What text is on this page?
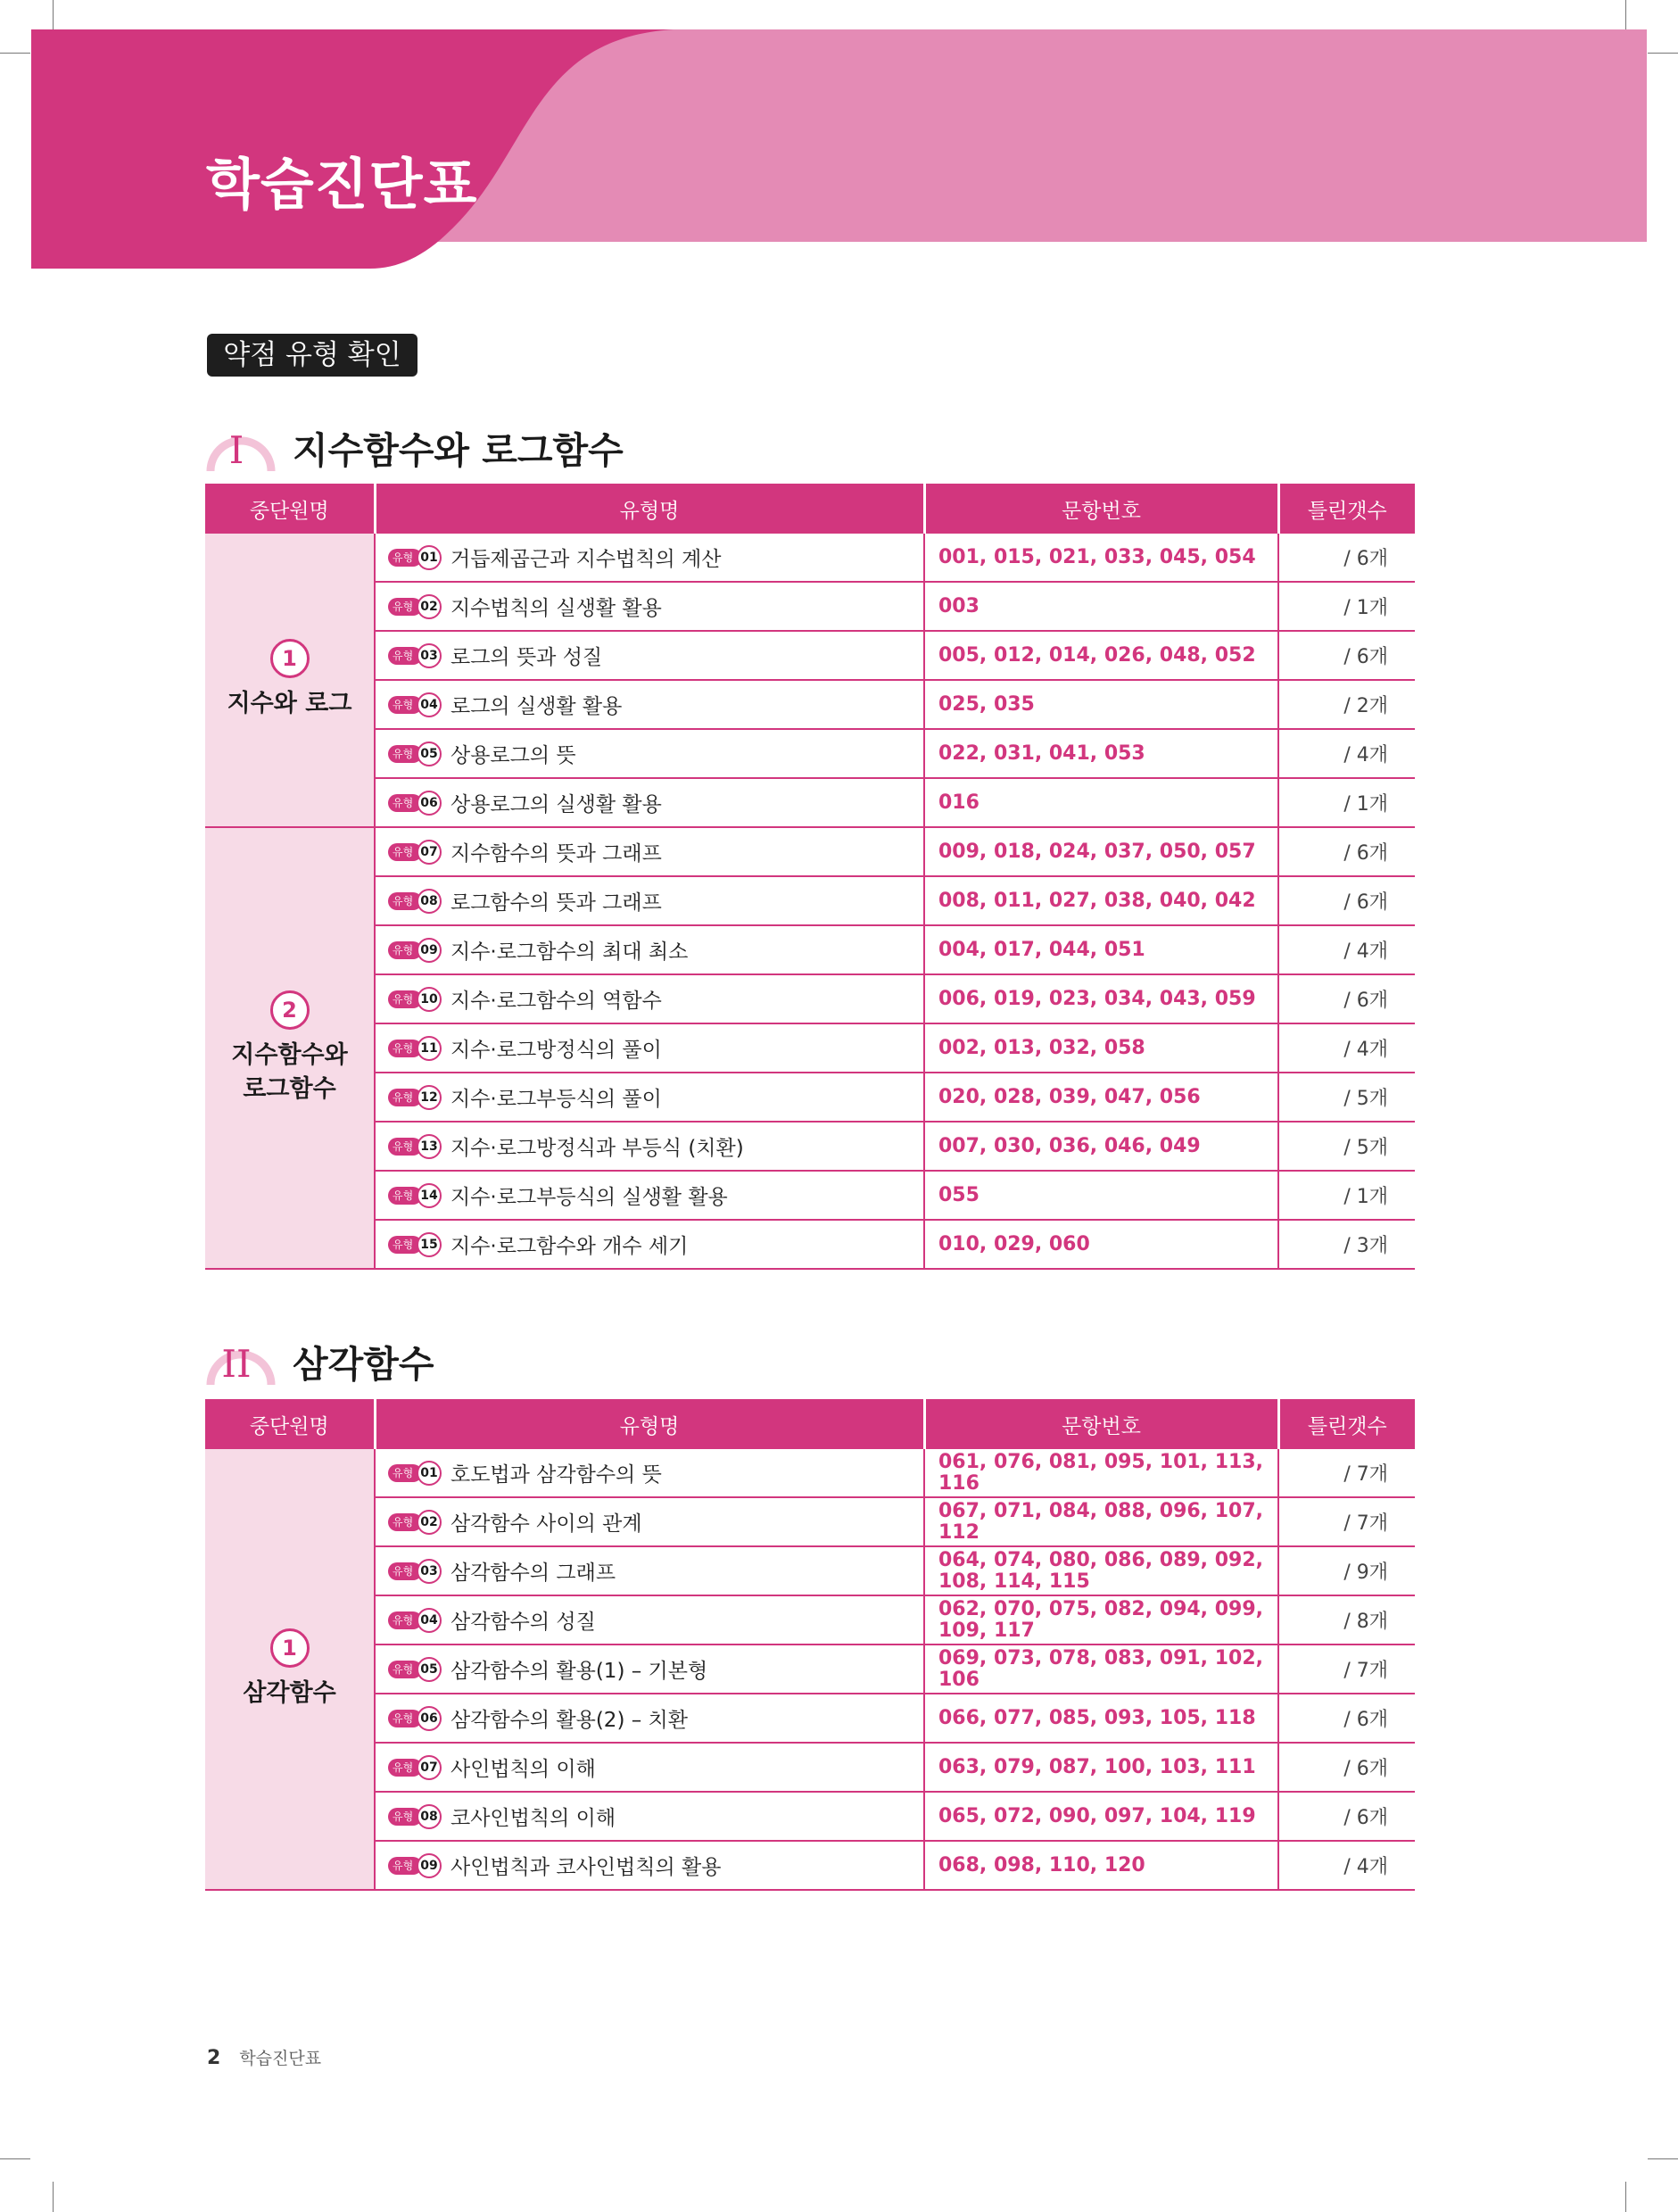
학습진단표
약점 유형 확인
I	지수함수와 로그함수
중단원명	유형명	문항번호	틀린갯수
1
지수와 로그	유형 01 거듭제곱근과 지수법칙의 계산	001, 015, 021, 033, 045, 054	/ 6개

	유형 02 지수법칙의 실생활 활용	003	/ 1개

	유형 03 로그의 뜻과 성질	005, 012, 014, 026, 048, 052	/ 6개

	유형 04 로그의 실생활 활용	025, 035	/ 2개

	유형 05 상용로그의 뜻	022, 031, 041, 053	/ 4개

	유형 06 상용로그의 실생활 활용	016	/ 1개
2
지수함수와
로그함수	유형 07 지수함수의 뜻과 그래프	009, 018, 024, 037, 050, 057	/ 6개

	유형 08 로그함수의 뜻과 그래프	008, 011, 027, 038, 040, 042	/ 6개

	유형 09 지수·로그함수의 최대 최소	004, 017, 044, 051	/ 4개

	유형 10 지수·로그함수의 역함수	006, 019, 023, 034, 043, 059	/ 6개

	유형 11 지수·로그방정식의 풀이	002, 013, 032, 058	/ 4개

	유형 12 지수·로그부등식의 풀이	020, 028, 039, 047, 056	/ 5개

	유형 13 지수·로그방정식과 부등식 (치환)	007, 030, 036, 046, 049	/ 5개

	유형 14 지수·로그부등식의 실생활 활용	055	/ 1개

	유형 15 지수·로그함수와 개수 세기	010, 029, 060	/ 3개
II	삼각함수
중단원명	유형명	문항번호	틀린갯수
1
삼각함수	유형 01 호도법과 삼각함수의 뜻	061, 076, 081, 095, 101, 113, 116	/ 7개

	유형 02 삼각함수 사이의 관계	067, 071, 084, 088, 096, 107, 112	/ 7개

	유형 03 삼각함수의 그래프	064, 074, 080, 086, 089, 092, 108, 114, 115	/ 9개

	유형 04 삼각함수의 성질	062, 070, 075, 082, 094, 099, 109, 117	/ 8개

	유형 05 삼각함수의 활용(1) – 기본형	069, 073, 078, 083, 091, 102, 106	/ 7개

	유형 06 삼각함수의 활용(2) – 치환	066, 077, 085, 093, 105, 118	/ 6개

	유형 07 사인법칙의 이해	063, 079, 087, 100, 103, 111	/ 6개

	유형 08 코사인법칙의 이해	065, 072, 090, 097, 104, 119	/ 6개

	유형 09 사인법칙과 코사인법칙의 활용	068, 098, 110, 120	/ 4개
2 학습진단표
